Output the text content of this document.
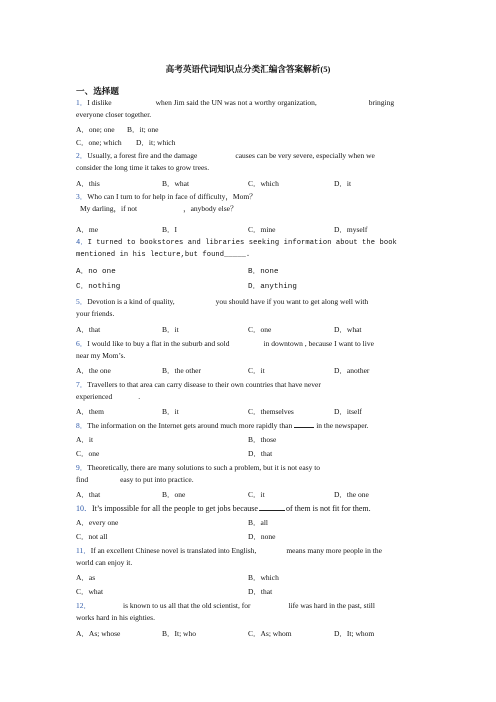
高考英语代词知识点分类汇编含答案解析(5)
一、选择题
1．I dislike	when Jim said the UN was not a worthy organization,	bringing
everyone closer together.
A．one; one B．it; one
C．one; which D．it; which
2．Usually, a forest fire and the damage	causes can be very severe, especially when we
consider the long time it takes to grow trees.
A．this	B．what	C．which	D．it
3．Who can I turn to for help in face of difficulty，Mom？
My darling，if not	，anybody else？
A．me	B．I	C．mine	D．myself
4．I turned to bookstores and libraries seeking information about the book
mentioned in his lecture,but found_____.
A．no one	B．none
C．nothing	D．anything
5．Devotion is a kind of quality,	you should have if you want to get along well with
your friends.
A．that	B．it	C．one	D．what
6．I would like to buy a flat in the suburb and sold	in downtown , because I want to live
near my Mom’s.
A．the one	B．the other	C．it	D．another
7．Travellers to that area can carry disease to their own countries that have never
experienced	.
A．them	B．it	C．themselves	D．itself
8．The information on the Internet gets around much more rapidly than	in the newspaper.
A．it	B．those
C．one	D．that
9．Theoretically, there are many solutions to such a problem, but it is not easy to
find	easy to put into practice.
A．that	B．one	C．it	D．the one
10．It’s impossible for all the people to get jobs because	of them is not fit for them.
A．every one	B．all
C．not all	D．none
11．If an excellent Chinese novel is translated into English,	means many more people in the
world can enjoy it.
A．as	B．which
C．what	D．that
12．	is known to us all that the old scientist, for	life was hard in the past, still
works hard in his eighties.
A．As; whose	B．It; who	C．As; whom	D．It; whom
